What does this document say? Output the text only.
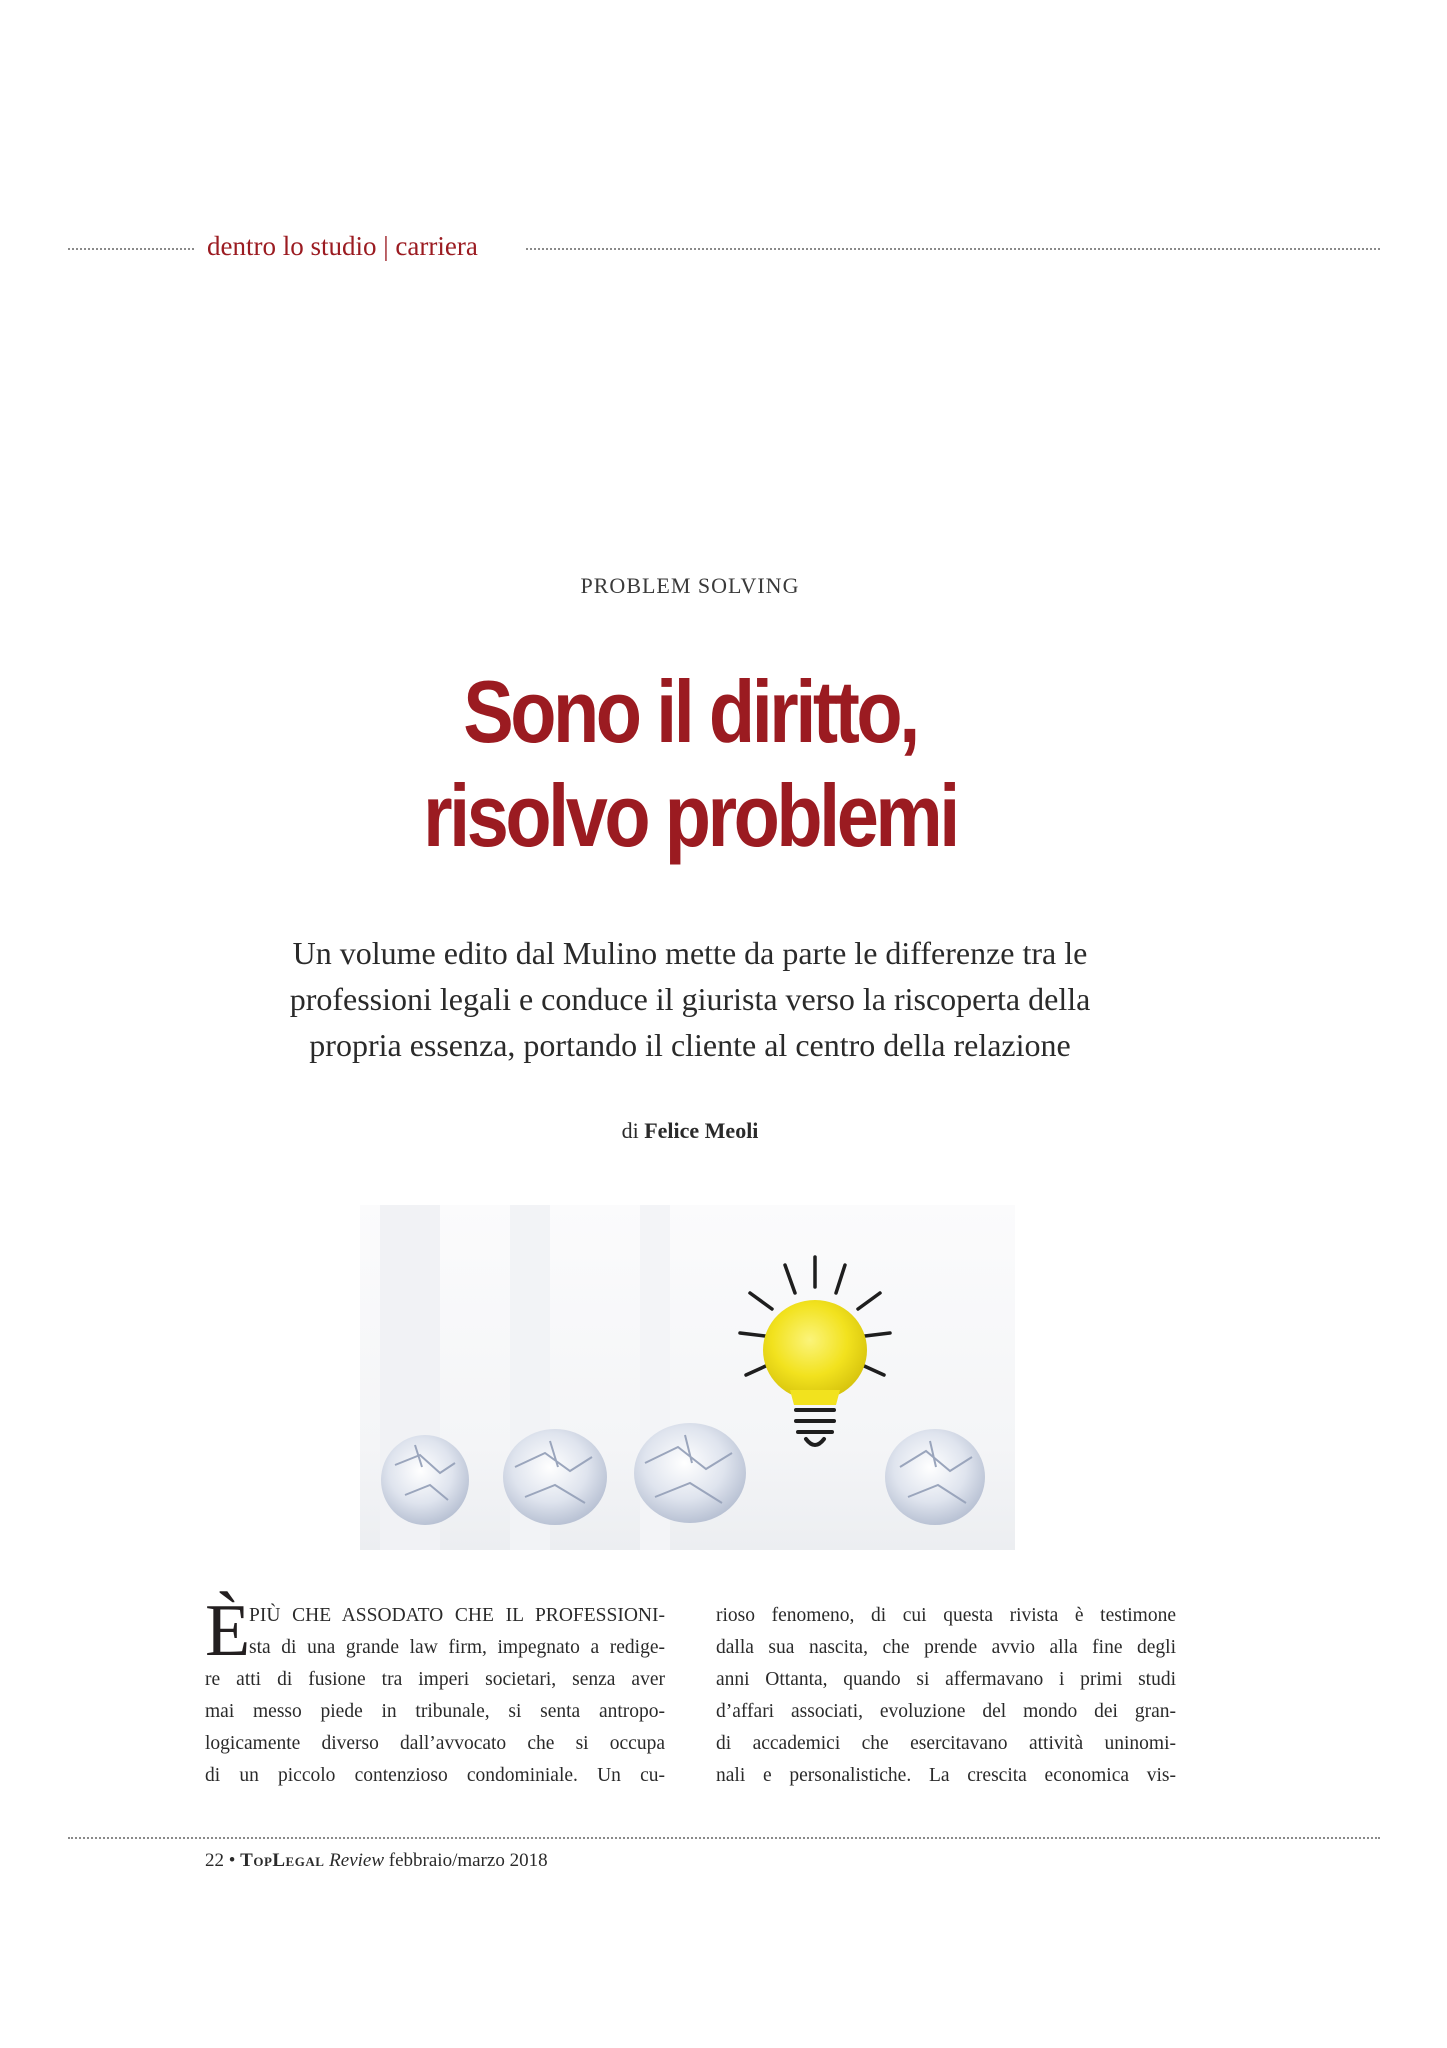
dentro lo studio | carriera
PROBLEM SOLVING
Sono il diritto,
risolvo problemi
Un volume edito dal Mulino mette da parte le differenze tra le
professioni legali e conduce il giurista verso la riscoperta della
propria essenza, portando il cliente al centro della relazione
di Felice Meoli
È
PIÙ CHE ASSODATO CHE IL PROFESSIONI-
sta di una grande law firm, impegnato a redige-
re atti di fusione tra imperi societari, senza aver
mai messo piede in tribunale, si senta antropo-
logicamente diverso dall’avvocato che si occupa
di un piccolo contenzioso condominiale. Un cu-
rioso fenomeno, di cui questa rivista è testimone
dalla sua nascita, che prende avvio alla fine degli
anni Ottanta, quando si affermavano i primi studi
d’affari associati, evoluzione del mondo dei gran-
di accademici che esercitavano attività uninomi-
nali e personalistiche. La crescita economica vis-
22 • TopLegal Review febbraio/marzo 2018
